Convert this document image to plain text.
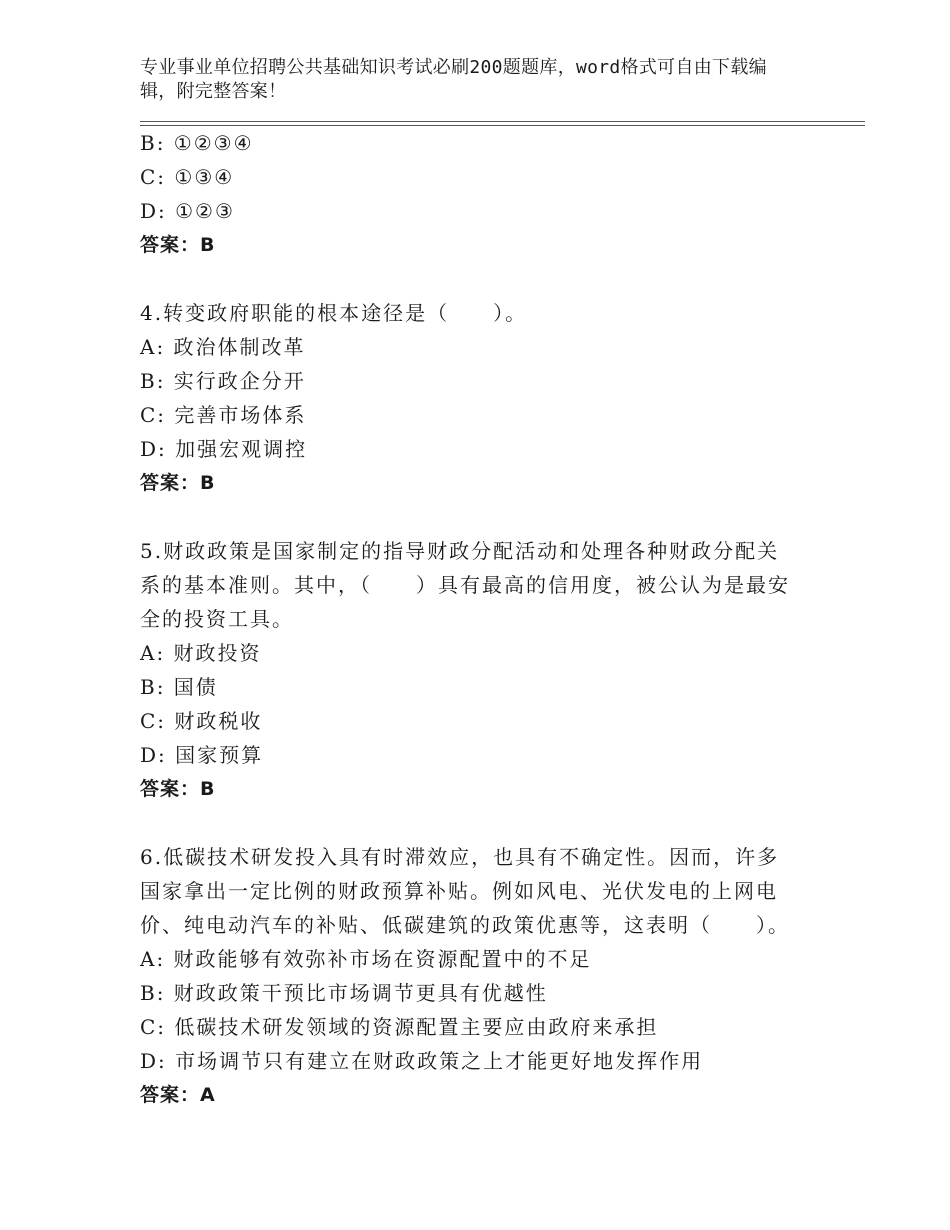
专业事业单位招聘公共基础知识考试必刷200题题库，word格式可自由下载编
辑，附完整答案！
B: ①②③④
C: ①③④
D: ①②③
答案：B
4.转变政府职能的根本途径是（　　）。
A: 政治体制改革
B: 实行政企分开
C: 完善市场体系
D: 加强宏观调控
答案：B
5.财政政策是国家制定的指导财政分配活动和处理各种财政分配关系的基本准则。其中，（　　）具有最高的信用度，被公认为是最安全的投资工具。
A: 财政投资
B: 国债
C: 财政税收
D: 国家预算
答案：B
6.低碳技术研发投入具有时滞效应，也具有不确定性。因而，许多国家拿出一定比例的财政预算补贴。例如风电、光伏发电的上网电价、纯电动汽车的补贴、低碳建筑的政策优惠等，这表明（　　）。
A: 财政能够有效弥补市场在资源配置中的不足
B: 财政政策干预比市场调节更具有优越性
C: 低碳技术研发领域的资源配置主要应由政府来承担
D: 市场调节只有建立在财政政策之上才能更好地发挥作用
答案：A
